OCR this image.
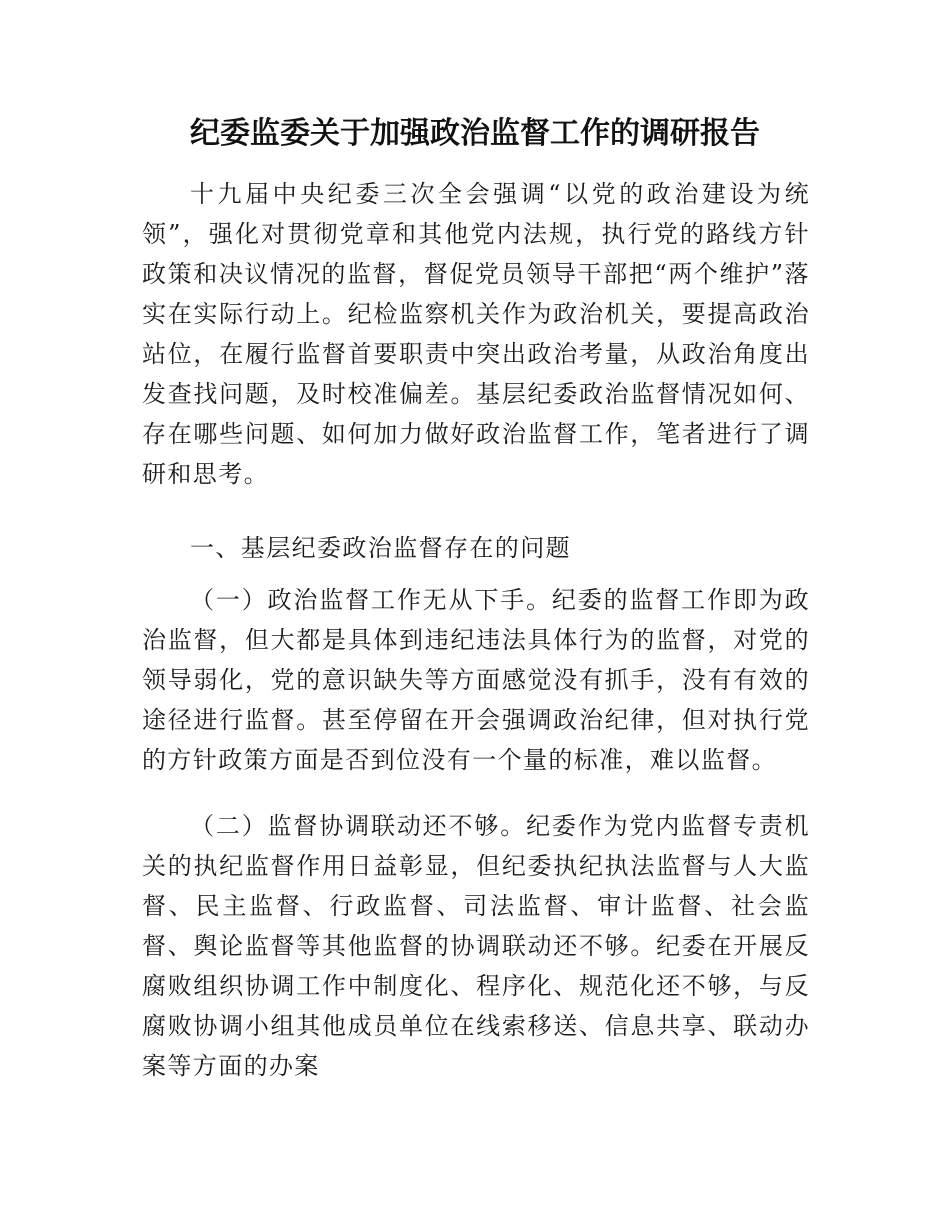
纪委监委关于加强政治监督工作的调研报告
十九届中央纪委三次全会强调“以党的政治建设为统领”，强化对贯彻党章和其他党内法规，执行党的路线方针政策和决议情况的监督，督促党员领导干部把“两个维护”落实在实际行动上。纪检监察机关作为政治机关，要提高政治站位，在履行监督首要职责中突出政治考量，从政治角度出发查找问题，及时校准偏差。基层纪委政治监督情况如何、存在哪些问题、如何加力做好政治监督工作，笔者进行了调研和思考。
一、基层纪委政治监督存在的问题
（一）政治监督工作无从下手。纪委的监督工作即为政治监督，但大都是具体到违纪违法具体行为的监督，对党的领导弱化，党的意识缺失等方面感觉没有抓手，没有有效的途径进行监督。甚至停留在开会强调政治纪律，但对执行党的方针政策方面是否到位没有一个量的标准，难以监督。
（二）监督协调联动还不够。纪委作为党内监督专责机关的执纪监督作用日益彰显，但纪委执纪执法监督与人大监督、民主监督、行政监督、司法监督、审计监督、社会监督、舆论监督等其他监督的协调联动还不够。纪委在开展反腐败组织协调工作中制度化、程序化、规范化还不够，与反腐败协调小组其他成员单位在线索移送、信息共享、联动办案等方面的办案
